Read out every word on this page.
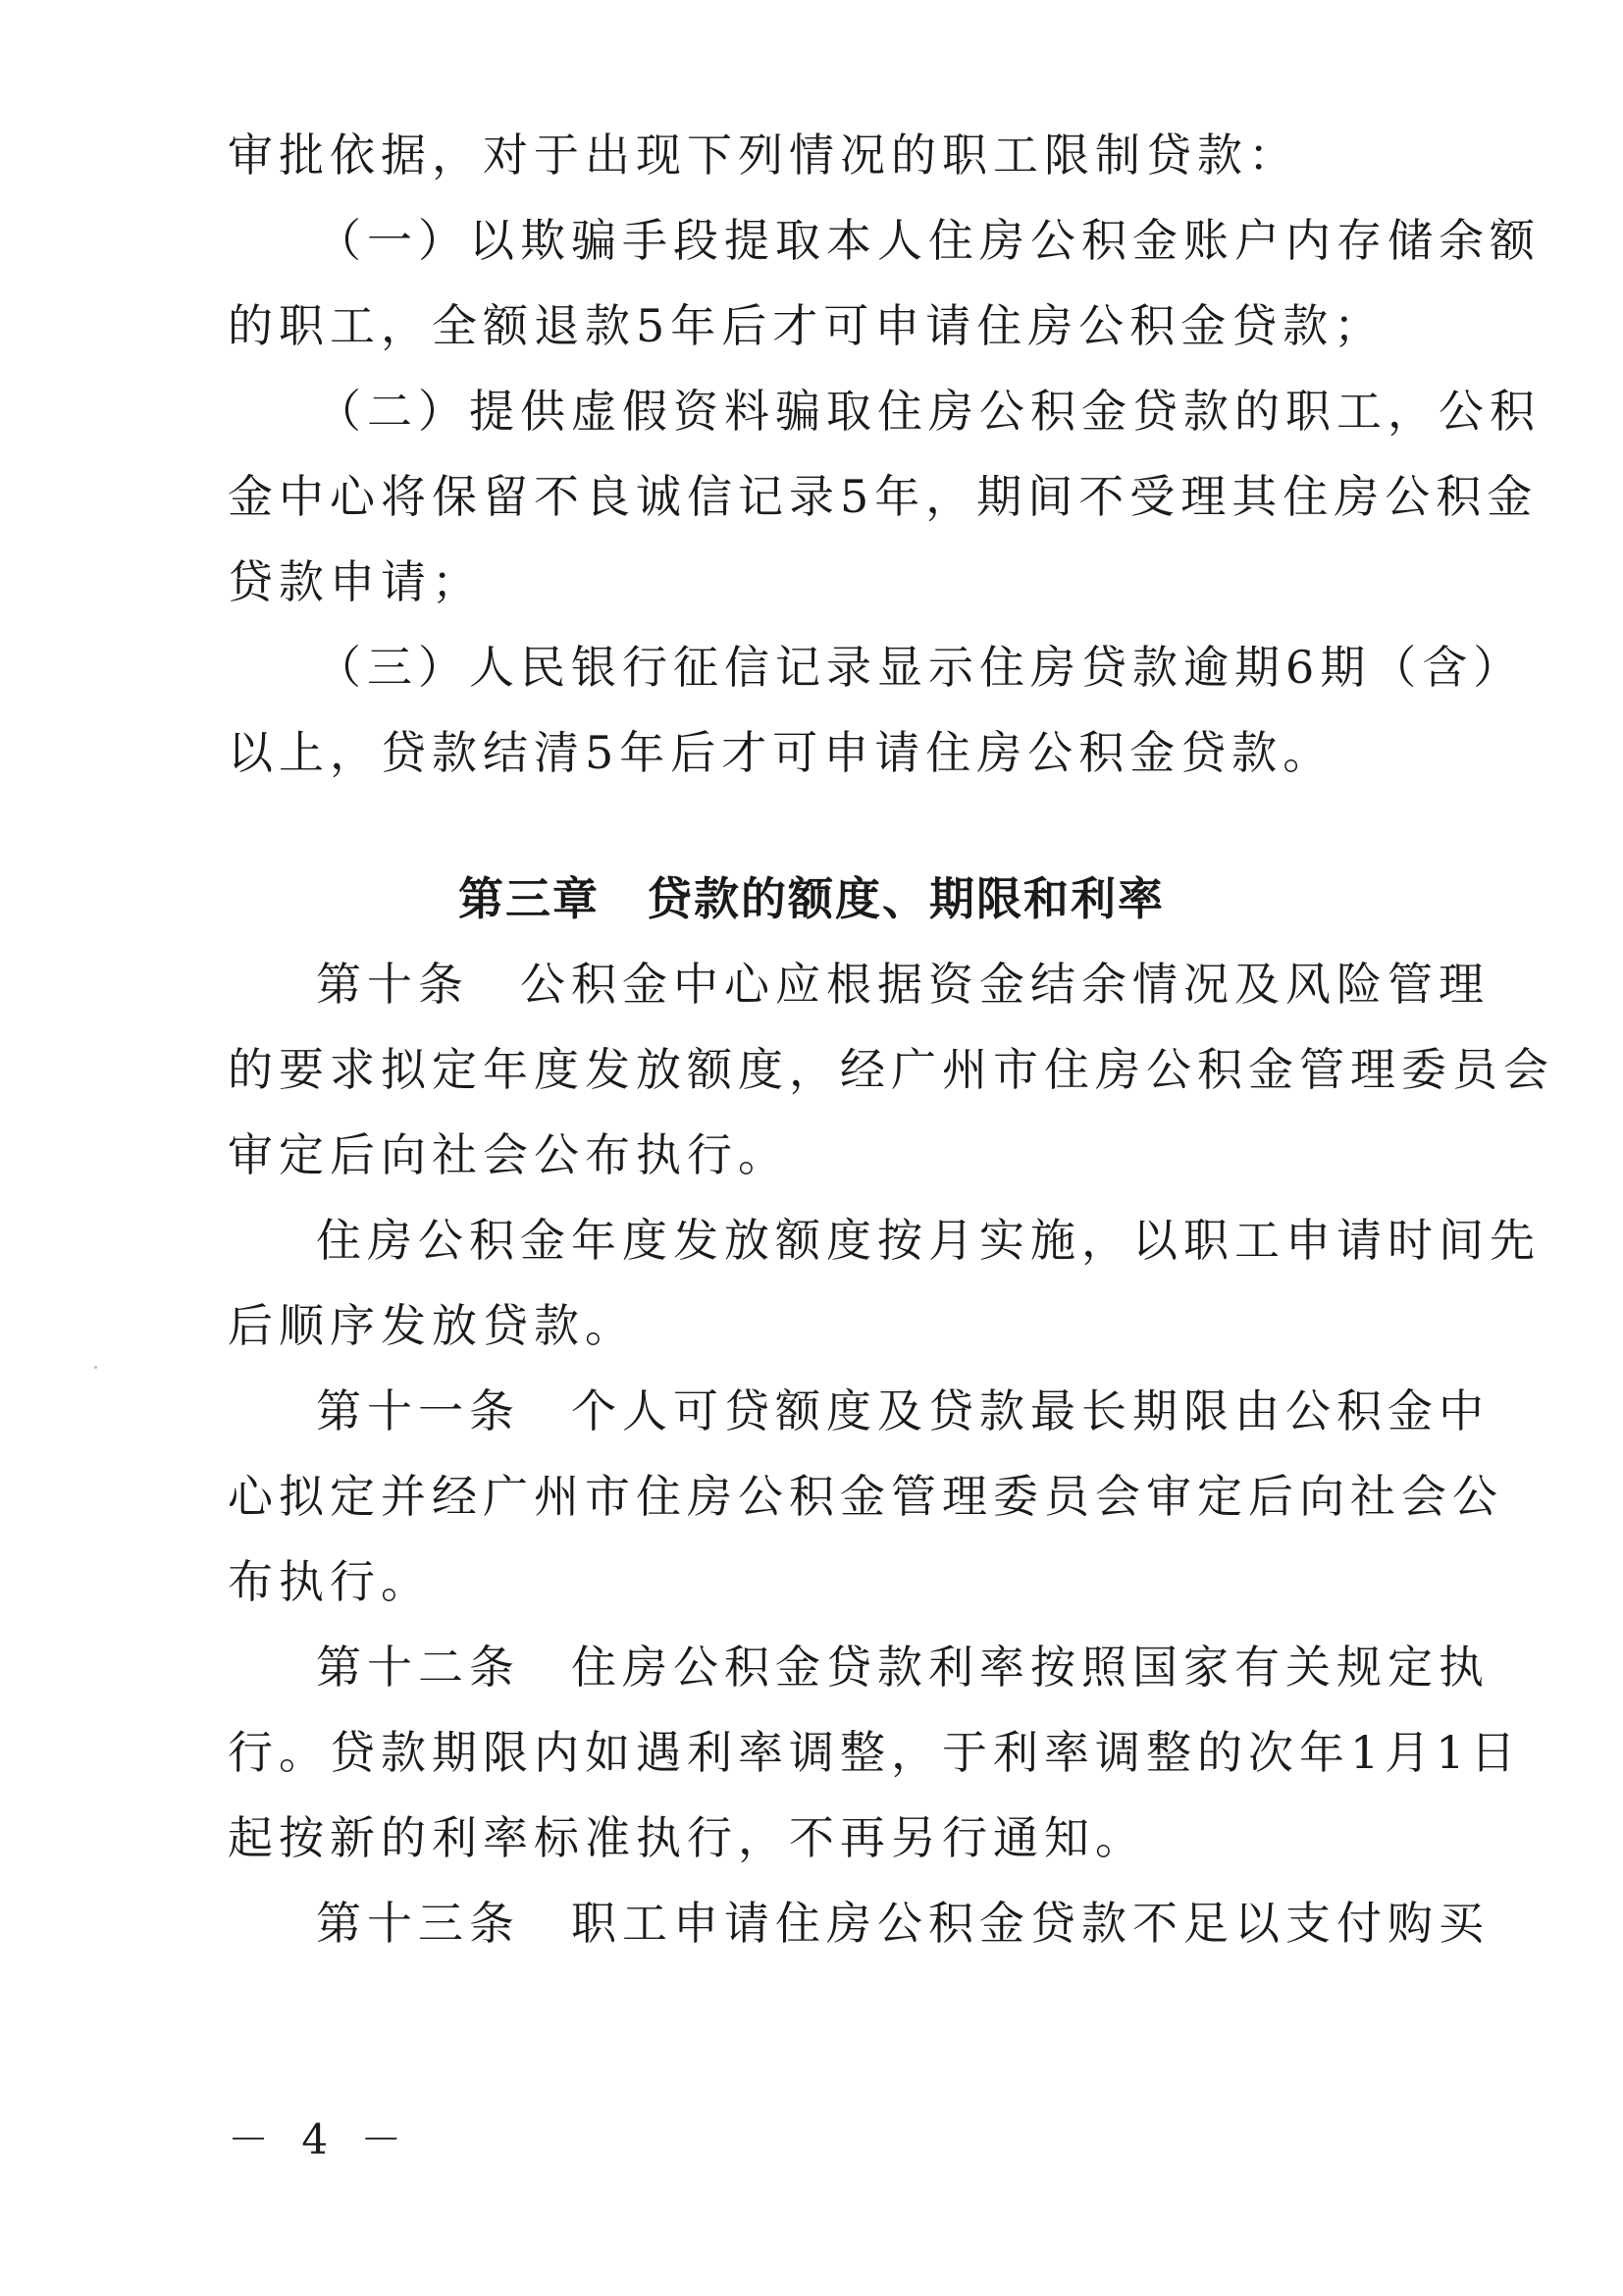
审批依据，对于出现下列情况的职工限制贷款：
（一）以欺骗手段提取本人住房公积金账户内存储余额
的职工，全额退款5年后才可申请住房公积金贷款；
（二）提供虚假资料骗取住房公积金贷款的职工，公积
金中心将保留不良诚信记录5年，期间不受理其住房公积金
贷款申请；
（三）人民银行征信记录显示住房贷款逾期6期（含）
以上，贷款结清5年后才可申请住房公积金贷款。
第三章　贷款的额度、期限和利率
第十条　公积金中心应根据资金结余情况及风险管理
的要求拟定年度发放额度，经广州市住房公积金管理委员会
审定后向社会公布执行。
住房公积金年度发放额度按月实施，以职工申请时间先
后顺序发放贷款。
第十一条　个人可贷额度及贷款最长期限由公积金中
心拟定并经广州市住房公积金管理委员会审定后向社会公
布执行。
第十二条　住房公积金贷款利率按照国家有关规定执
行。贷款期限内如遇利率调整，于利率调整的次年1月1日
起按新的利率标准执行，不再另行通知。
第十三条　职工申请住房公积金贷款不足以支付购买
－ 4 －
